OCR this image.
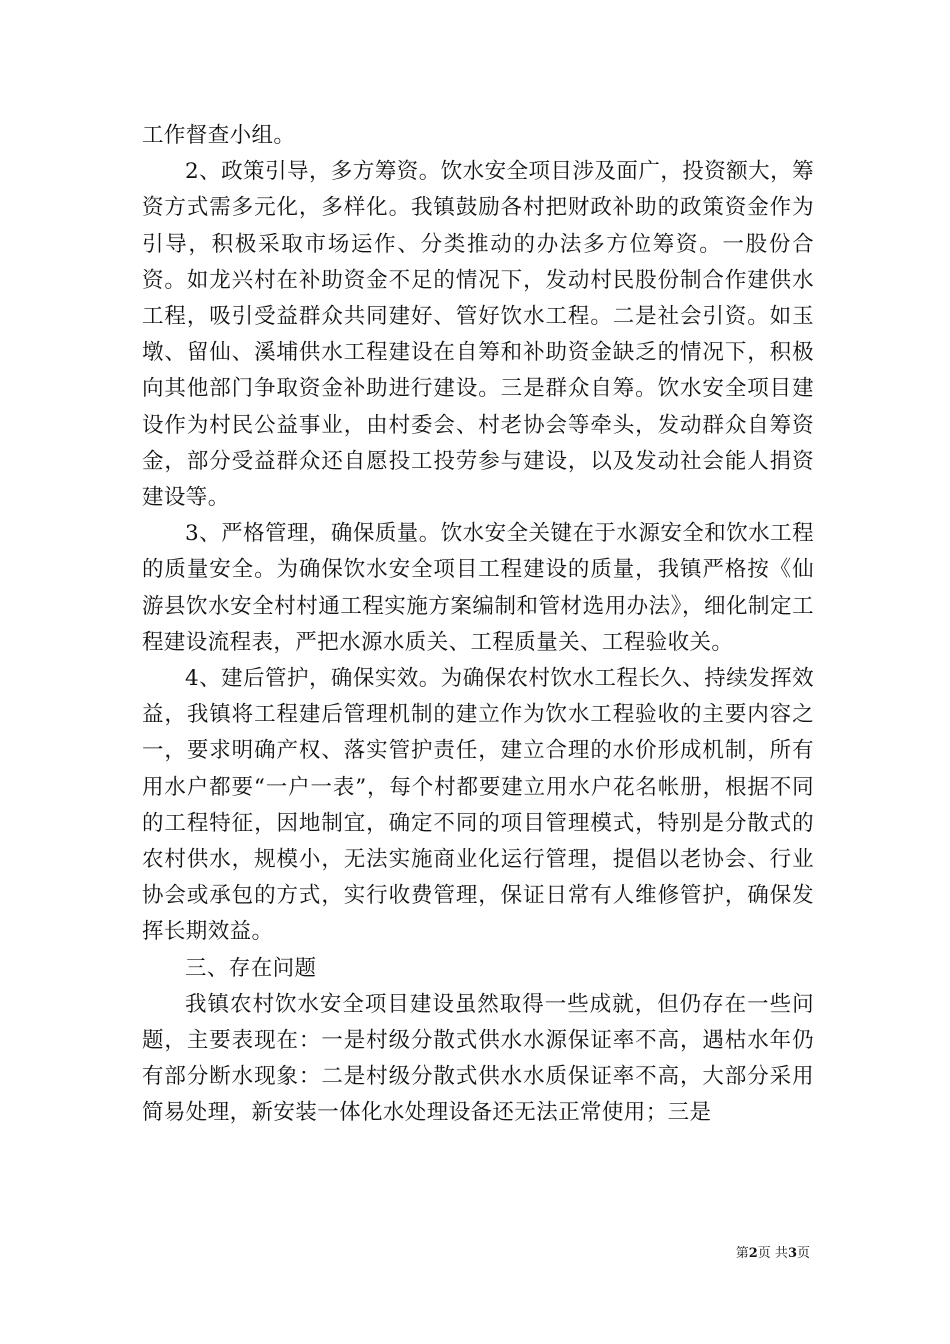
工作督查小组。

2、政策引导，多方筹资。饮水安全项目涉及面广，投资额大，筹资方式需多元化，多样化。我镇鼓励各村把财政补助的政策资金作为引导，积极采取市场运作、分类推动的办法多方位筹资。一股份合资。如龙兴村在补助资金不足的情况下，发动村民股份制合作建供水工程，吸引受益群众共同建好、管好饮水工程。二是社会引资。如玉墩、留仙、溪埔供水工程建设在自筹和补助资金缺乏的情况下，积极向其他部门争取资金补助进行建设。三是群众自筹。饮水安全项目建设作为村民公益事业，由村委会、村老协会等牵头，发动群众自筹资金，部分受益群众还自愿投工投劳参与建设，以及发动社会能人捐资建设等。

3、严格管理，确保质量。饮水安全关键在于水源安全和饮水工程的质量安全。为确保饮水安全项目工程建设的质量，我镇严格按《仙游县饮水安全村村通工程实施方案编制和管材选用办法》，细化制定工程建设流程表，严把水源水质关、工程质量关、工程验收关。

4、建后管护，确保实效。为确保农村饮水工程长久、持续发挥效益，我镇将工程建后管理机制的建立作为饮水工程验收的主要内容之一，要求明确产权、落实管护责任，建立合理的水价形成机制，所有用水户都要“一户一表”，每个村都要建立用水户花名帐册，根据不同的工程特征，因地制宜，确定不同的项目管理模式，特别是分散式的农村供水，规模小，无法实施商业化运行管理，提倡以老协会、行业协会或承包的方式，实行收费管理，保证日常有人维修管护，确保发挥长期效益。

三、存在问题

我镇农村饮水安全项目建设虽然取得一些成就，但仍存在一些问题，主要表现在：一是村级分散式供水水源保证率不高，遇枯水年仍有部分断水现象：二是村级分散式供水水质保证率不高，大部分采用简易处理，新安装一体化水处理设备还无法正常使用；三是

第2页 共3页
